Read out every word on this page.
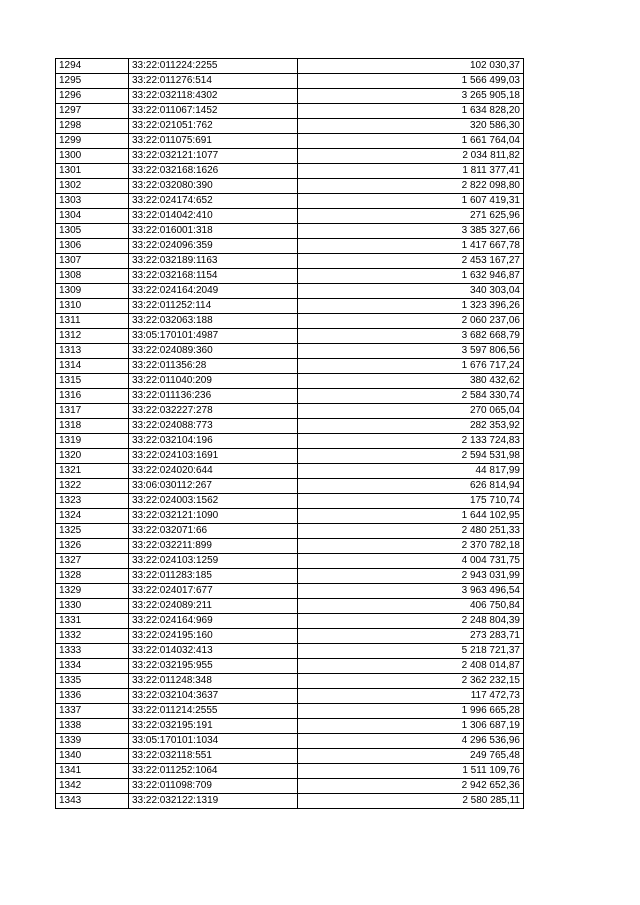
1294	33:22:011224:2255	102 030,37
1295	33:22:011276:514	1 566 499,03
1296	33:22:032118:4302	3 265 905,18
1297	33:22:011067:1452	1 634 828,20
1298	33:22:021051:762	320 586,30
1299	33:22:011075:691	1 661 764,04
1300	33:22:032121:1077	2 034 811,82
1301	33:22:032168:1626	1 811 377,41
1302	33:22:032080:390	2 822 098,80
1303	33:22:024174:652	1 607 419,31
1304	33:22:014042:410	271 625,96
1305	33:22:016001:318	3 385 327,66
1306	33:22:024096:359	1 417 667,78
1307	33:22:032189:1163	2 453 167,27
1308	33:22:032168:1154	1 632 946,87
1309	33:22:024164:2049	340 303,04
1310	33:22:011252:114	1 323 396,26
1311	33:22:032063:188	2 060 237,06
1312	33:05:170101:4987	3 682 668,79
1313	33:22:024089:360	3 597 806,56
1314	33:22:011356:28	1 676 717,24
1315	33:22:011040:209	380 432,62
1316	33:22:011136:236	2 584 330,74
1317	33:22:032227:278	270 065,04
1318	33:22:024088:773	282 353,92
1319	33:22:032104:196	2 133 724,83
1320	33:22:024103:1691	2 594 531,98
1321	33:22:024020:644	44 817,99
1322	33:06:030112:267	626 814,94
1323	33:22:024003:1562	175 710,74
1324	33:22:032121:1090	1 644 102,95
1325	33:22:032071:66	2 480 251,33
1326	33:22:032211:899	2 370 782,18
1327	33:22:024103:1259	4 004 731,75
1328	33:22:011283:185	2 943 031,99
1329	33:22:024017:677	3 963 496,54
1330	33:22:024089:211	406 750,84
1331	33:22:024164:969	2 248 804,39
1332	33:22:024195:160	273 283,71
1333	33:22:014032:413	5 218 721,37
1334	33:22:032195:955	2 408 014,87
1335	33:22:011248:348	2 362 232,15
1336	33:22:032104:3637	117 472,73
1337	33:22:011214:2555	1 996 665,28
1338	33:22:032195:191	1 306 687,19
1339	33:05:170101:1034	4 296 536,96
1340	33:22:032118:551	249 765,48
1341	33:22:011252:1064	1 511 109,76
1342	33:22:011098:709	2 942 652,36
1343	33:22:032122:1319	2 580 285,11
